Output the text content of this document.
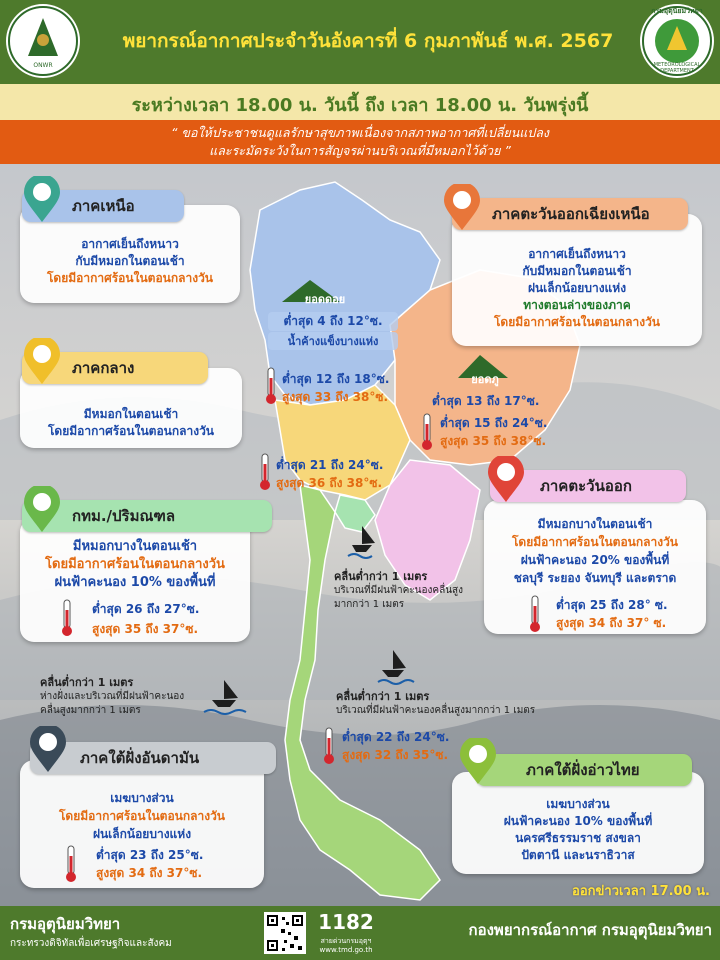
ONWR
กรมอุตุนิยมวิทยา
METEOROLOGICAL DEPARTMENT
พยากรณ์อากาศประจำวันอังคารที่ 6 กุมภาพันธ์ พ.ศ. 2567
ระหว่างเวลา 18.00 น. วันนี้ ถึง เวลา 18.00 น. วันพรุ่งนี้
“ ขอให้ประชาชนดูแลรักษาสุขภาพเนื่องจากสภาพอากาศที่เปลี่ยนแปลง
และระมัดระวังในการสัญจรผ่านบริเวณที่มีหมอกไว้ด้วย ”
ยอดดอย
ต่ำสุด 4 ถึง 12°ซ.
น้ำค้างแข็งบางแห่ง
ต่ำสุด 12 ถึง 18°ซ.
สูงสุด 33 ถึง 38°ซ.
ยอดภู
ต่ำสุด 13 ถึง 17°ซ.
ต่ำสุด 15 ถึง 24°ซ.
สูงสุด 35 ถึง 38°ซ.
ต่ำสุด 21 ถึง 24°ซ.
สูงสุด 36 ถึง 38°ซ.
คลื่นต่ำกว่า 1 เมตร
บริเวณที่มีฝนฟ้าคะนองคลื่นสูง
มากกว่า 1 เมตร
คลื่นต่ำกว่า 1 เมตร
ห่างฝั่งและบริเวณที่มีฝนฟ้าคะนอง
คลื่นสูงมากกว่า 1 เมตร
คลื่นต่ำกว่า 1 เมตร
บริเวณที่มีฝนฟ้าคะนองคลื่นสูงมากกว่า 1 เมตร
ต่ำสุด 22 ถึง 24°ซ.
สูงสุด 32 ถึง 35°ซ.
ภาคเหนือ
อากาศเย็นถึงหนาว
กับมีหมอกในตอนเช้า
โดยมีอากาศร้อนในตอนกลางวัน
ภาคตะวันออกเฉียงเหนือ
อากาศเย็นถึงหนาว
กับมีหมอกในตอนเช้า
ฝนเล็กน้อยบางแห่ง
ทางตอนล่างของภาค
โดยมีอากาศร้อนในตอนกลางวัน
ภาคกลาง
มีหมอกในตอนเช้า
โดยมีอากาศร้อนในตอนกลางวัน
กทม./ปริมณฑล
มีหมอกบางในตอนเช้า
โดยมีอากาศร้อนในตอนกลางวัน
ฝนฟ้าคะนอง 10% ของพื้นที่
ต่ำสุด 26 ถึง 27°ซ.
สูงสุด 35 ถึง 37°ซ.
ภาคตะวันออก
มีหมอกบางในตอนเช้า
โดยมีอากาศร้อนในตอนกลางวัน
ฝนฟ้าคะนอง 20% ของพื้นที่
ชลบุรี ระยอง จันทบุรี และตราด
ต่ำสุด 25 ถึง 28° ซ.
สูงสุด 34 ถึง 37° ซ.
ภาคใต้ฝั่งอันดามัน
เมฆบางส่วน
โดยมีอากาศร้อนในตอนกลางวัน
ฝนเล็กน้อยบางแห่ง
ต่ำสุด 23 ถึง 25°ซ.
สูงสุด 34 ถึง 37°ซ.
ภาคใต้ฝั่งอ่าวไทย
เมฆบางส่วน
ฝนฟ้าคะนอง 10% ของพื้นที่
นครศรีธรรมราช สงขลา
ปัตตานี และนราธิวาส
ออกข่าวเวลา 17.00 น.
กรมอุตุนิยมวิทยา
กระทรวงดิจิทัลเพื่อเศรษฐกิจและสังคม
1182
สายด่วนกรมอุตุฯ
www.tmd.go.th
กองพยากรณ์อากาศ กรมอุตุนิยมวิทยา
